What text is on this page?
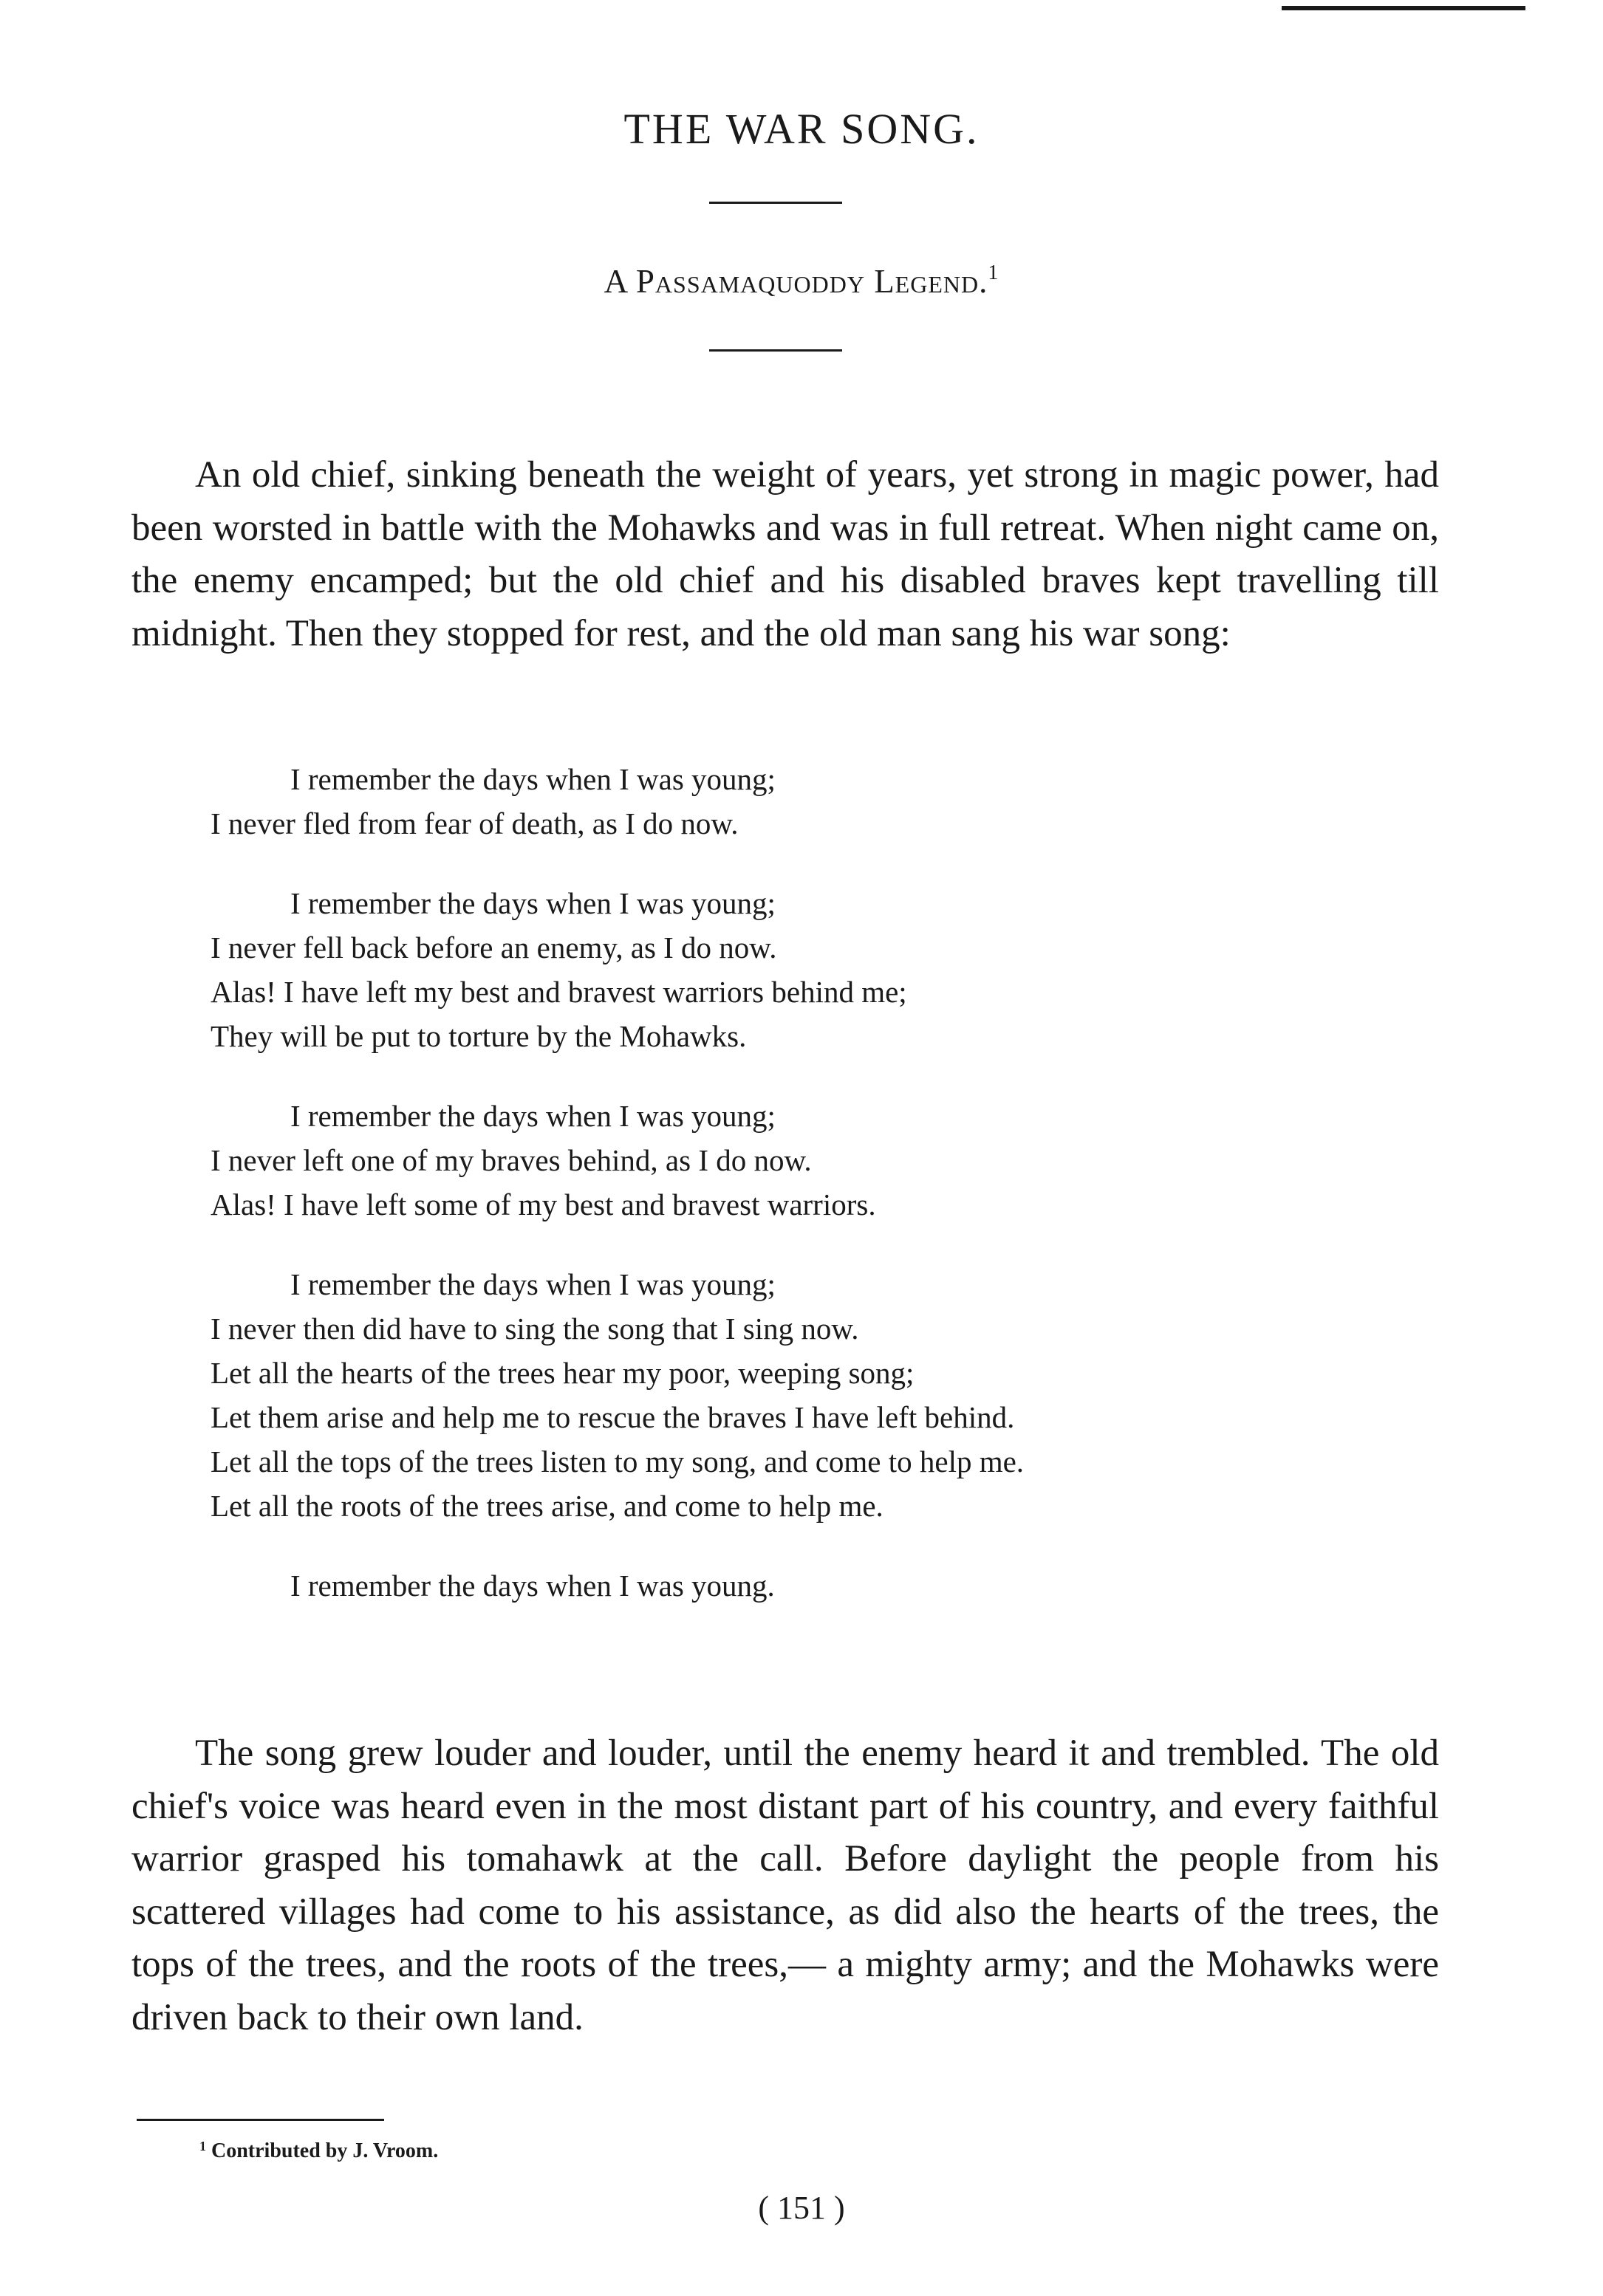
THE WAR SONG.
A Passamaquoddy Legend.$^1$

An old chief, sinking beneath the weight of years, yet strong in magic power, had been worsted in battle with the Mohawks and was in full retreat. When night came on, the enemy encamped; but the old chief and his disabled braves kept travelling till midnight. Then they stopped for rest, and the old man sang his war song:

I remember the days when I was young;
I never fled from fear of death, as I do now.
I remember the days when I was young;
I never fell back before an enemy, as I do now.
Alas! I have left my best and bravest warriors behind me;
They will be put to torture by the Mohawks.
I remember the days when I was young;
I never left one of my braves behind, as I do now.
Alas! I have left some of my best and bravest warriors.
I remember the days when I was young;
I never then did have to sing the song that I sing now.
Let all the hearts of the trees hear my poor, weeping song;
Let them arise and help me to rescue the braves I have left behind.
Let all the tops of the trees listen to my song, and come to help me.
Let all the roots of the trees arise, and come to help me.
I remember the days when I was young.

The song grew louder and louder, until the enemy heard it and trembled. The old chief's voice was heard even in the most distant part of his country, and every faithful warrior grasped his tomahawk at the call. Before daylight the people from his scattered villages had come to his assistance, as did also the hearts of the trees, the tops of the trees, and the roots of the trees,— a mighty army; and the Mohawks were driven back to their own land.

$^1$ Contributed by J. Vroom.
( 151 )
